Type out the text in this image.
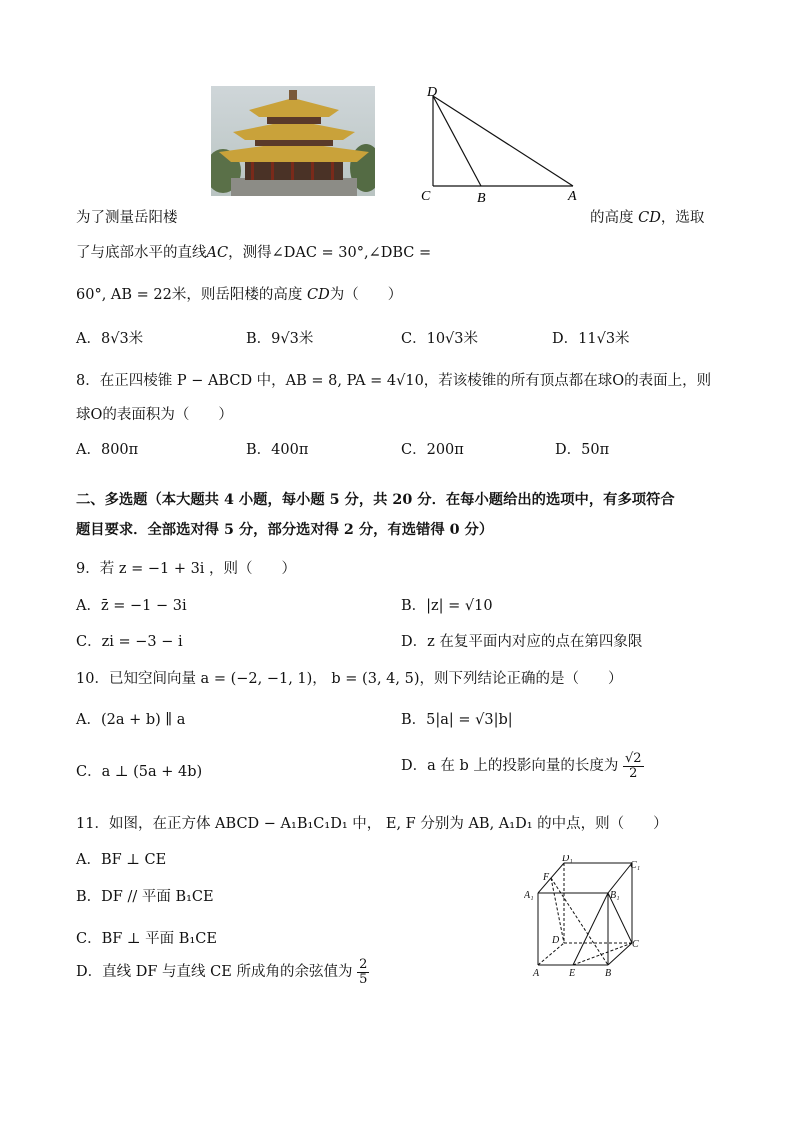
D
C	B	A
为了测量岳阳楼	的高度 CD，选取
了与底部水平的直线AC，测得∠DAC = 30°,∠DBC =
60°, AB = 22米，则岳阳楼的高度 CD为（　　）
A．8√3米	B．9√3米	C．10√3米	D．11√3米
8．在正四棱锥 P − ABCD 中，AB = 8, PA = 4√10，若该棱锥的所有顶点都在球O的表面上，则
球O的表面积为（　　）
A．800π	B．400π	C．200π	D．50π
二、多选题（本大题共 4 小题，每小题 5 分，共 20 分．在每小题给出的选项中，有多项符合
题目要求．全部选对得 5 分，部分选对得 2 分，有选错得 0 分）
9．若 z = −1 + 3i ，则（　　）
A．z̄ = −1 − 3i	B．|z| = √10
C．zi = −3 − i	D．z 在复平面内对应的点在第四象限
10．已知空间向量 a = (−2, −1, 1)， b = (3, 4, 5)，则下列结论正确的是（　　）
A．(2a + b) ∥ a	B．5|a| = √3|b|
C．a ⊥ (5a + 4b)	D．a 在 b 上的投影向量的长度为 $\frac{√2}{2}$
11．如图，在正方体 ABCD − A₁B₁C₁D₁ 中， E, F 分别为 AB, A₁D₁ 的中点，则（　　）
A．BF ⊥ CE
B．DF // 平面 B₁CE
C．BF ⊥ 平面 B₁CE
D．直线 DF 与直线 CE 所成角的余弦值为 $\frac{2}{5}$
D₁
C₁
F
A₁	B₁
D	C
A	E	B
